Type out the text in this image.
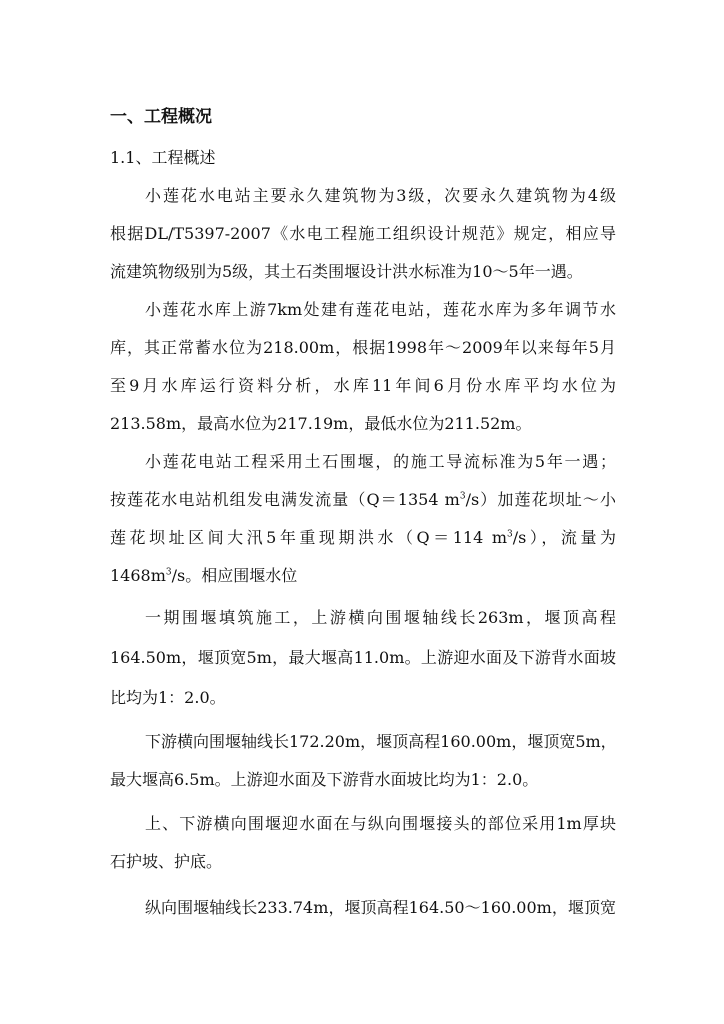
一、工程概况
1.1、工程概述
小莲花水电站主要永久建筑物为3级，次要永久建筑物为4级
根据DL/T5397-2007《水电工程施工组织设计规范》规定，相应导
流建筑物级别为5级，其土石类围堰设计洪水标准为10～5年一遇。
小莲花水库上游7km处建有莲花电站，莲花水库为多年调节水
库，其正常蓄水位为218.00m，根据1998年～2009年以来每年5月
至9月水库运行资料分析，水库11年间6月份水库平均水位为
213.58m，最高水位为217.19m，最低水位为211.52m。
小莲花电站工程采用土石围堰，的施工导流标准为5年一遇；
按莲花水电站机组发电满发流量（Q＝1354 $m^3/s$）加莲花坝址～小
莲花坝址区间大汛5年重现期洪水（Q＝114 $m^3/s$），流量为
$1468m^3/s$。相应围堰水位
一期围堰填筑施工，上游横向围堰轴线长263m，堰顶高程
164.50m，堰顶宽5m，最大堰高11.0m。上游迎水面及下游背水面坡
比均为1：2.0。
下游横向围堰轴线长172.20m，堰顶高程160.00m，堰顶宽5m，
最大堰高6.5m。上游迎水面及下游背水面坡比均为1：2.0。
上、下游横向围堰迎水面在与纵向围堰接头的部位采用1m厚块
石护坡、护底。
纵向围堰轴线长233.74m，堰顶高程164.50～160.00m，堰顶宽
